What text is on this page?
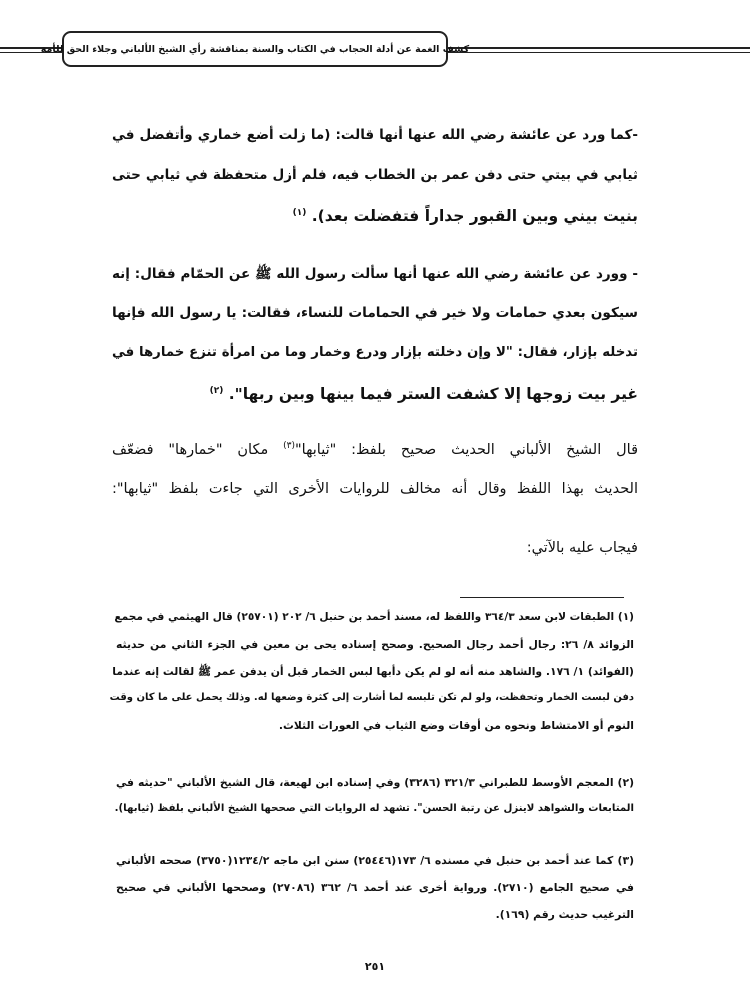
كشف الغمة عن أدلة الحجاب في الكتاب والسنة بمناقشة رأي الشيخ الألباني وجلاء الحق للأمة
-كما ورد عن عائشة رضي الله عنها أنها قالت: (ما زلت أضع خماري وأتفضل في
ثيابي في بيتي حتى دفن عمر بن الخطاب فيه، فلم أزل متحفظة في ثيابي حتى
بنيت بيني وبين القبور جداراً فتفضلت بعد). $^{(١)}$
- وورد عن عائشة رضي الله عنها أنها سألت رسول الله ﷺ عن الحمّام فقال: إنه
سيكون بعدي حمامات ولا خير في الحمامات للنساء، فقالت: يا رسول الله فإنها
تدخله بإزار، فقال: "لا وإن دخلته بإزار ودرع وخمار وما من امرأة تنزع خمارها في
غير بيت زوجها إلا كشفت الستر فيما بينها وبين ربها". $^{(٢)}$
قال الشيخ الألباني الحديث صحيح بلفظ: "ثيابها"$^{(٣)}$ مكان "خمارها" فضعّف
الحديث بهذا اللفظ وقال أنه مخالف للروايات الأخرى التي جاءت بلفظ "ثيابها":
فيجاب عليه بالآتي:
(١) الطبقات لابن سعد ٣٦٤/٣ واللفظ له، مسند أحمد بن حنبل ٦/ ٢٠٢ (٢٥٧٠١) قال الهيثمي في مجمع
الزوائد ٨/ ٢٦: رجال أحمد رجال الصحيح. وصحح إسناده يحى بن معين في الجزء الثاني من حديثه
(الفوائد) ١/ ١٧٦. والشاهد منه أنه لو لم يكن دأبها لبس الخمار قبل أن يدفن عمر ﷺ لقالت إنه عندما
دفن لبست الخمار وتحفظت، ولو لم تكن تلبسه لما أشارت إلى كثرة وضعها له. وذلك يحمل على ما كان وقت
النوم أو الامتشاط ونحوه من أوقات وضع الثياب في العورات الثلاث.
(٢) المعجم الأوسط للطبراني ٣٢١/٣ (٣٢٨٦) وفي إسناده ابن لهيعة، قال الشيخ الألباني "حديثه في
المتابعات والشواهد لاينزل عن رتبة الحسن". تشهد له الروايات التي صححها الشيخ الألباني بلفظ (ثيابها).
(٣) كما عند أحمد بن حنبل في مسنده ٦/ ١٧٣(٢٥٤٤٦) سنن ابن ماجه ١٢٣٤/٢(٣٧٥٠) صححه الألباني
في صحيح الجامع (٢٧١٠). ورواية أخرى عند أحمد ٦/ ٣٦٢ (٢٧٠٨٦) وصححها الألباني في صحيح
الترغيب حديث رقم (١٦٩).
٢٥١
